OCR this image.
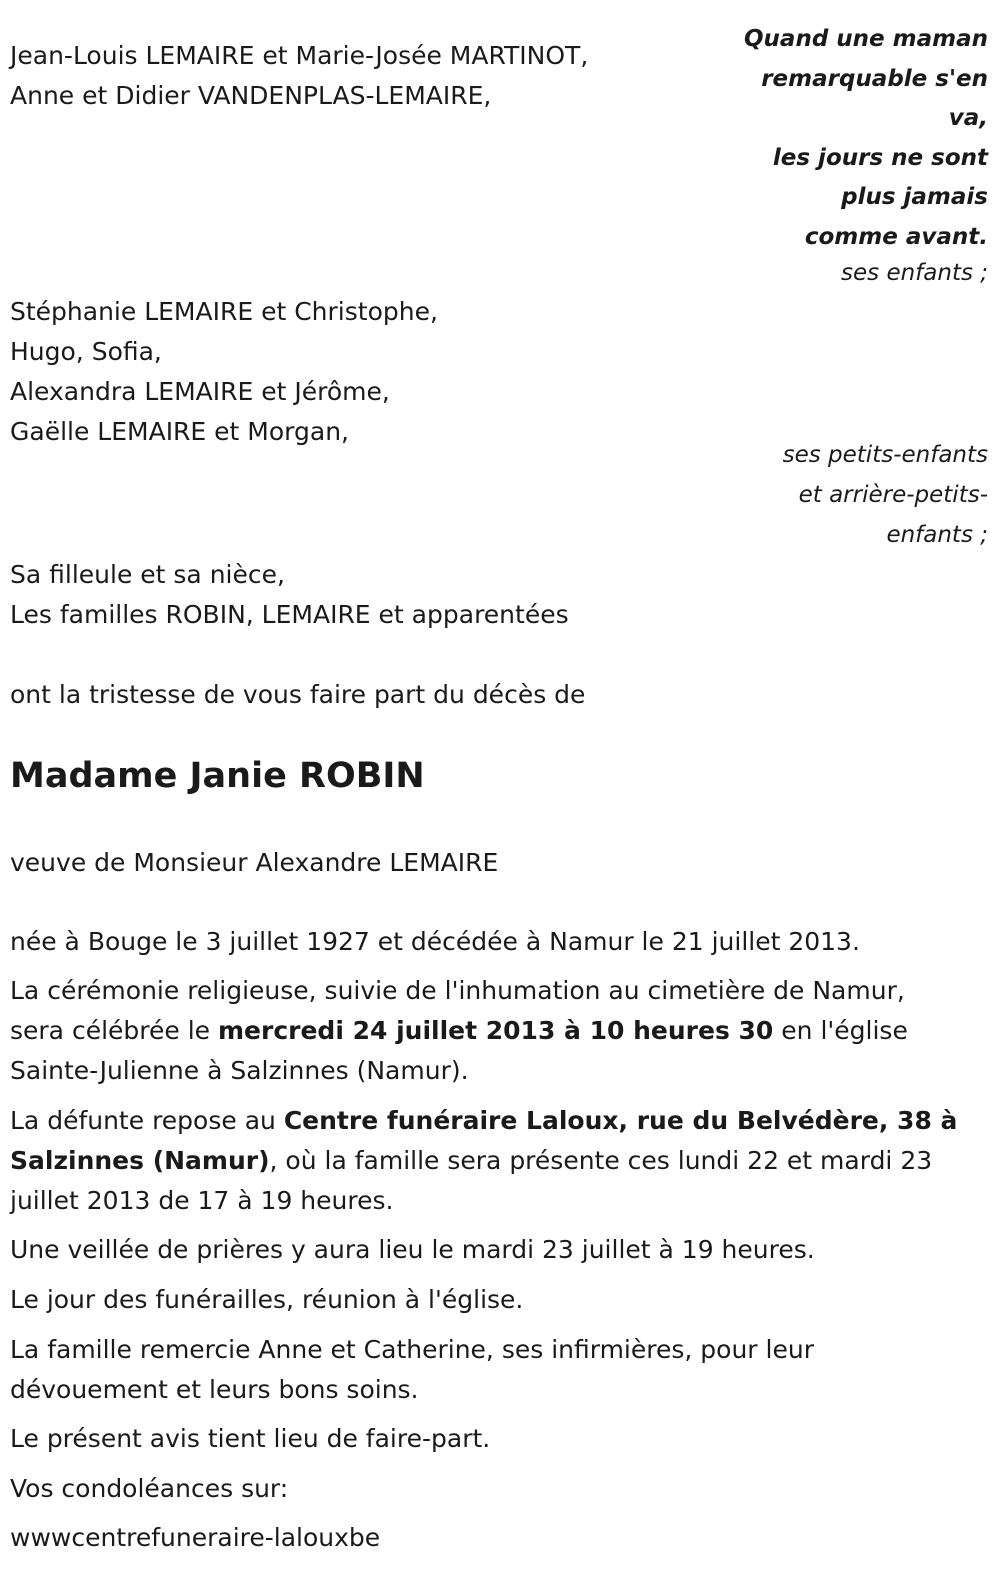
Jean-Louis LEMAIRE et Marie-Josée MARTINOT,
Anne et Didier VANDENPLAS-LEMAIRE,
Quand une maman
remarquable s'en
va,
les jours ne sont
plus jamais
comme avant.
ses enfants ;
Stéphanie LEMAIRE et Christophe,
Hugo, Sofia,
Alexandra LEMAIRE et Jérôme,
Gaëlle LEMAIRE et Morgan,
ses petits-enfants
et arrière-petits-
enfants ;
Sa filleule et sa nièce,
Les familles ROBIN, LEMAIRE et apparentées
ont la tristesse de vous faire part du décès de
Madame Janie ROBIN
veuve de Monsieur Alexandre LEMAIRE
née à Bouge le 3 juillet 1927 et décédée à Namur le 21 juillet 2013.
La cérémonie religieuse, suivie de l'inhumation au cimetière de Namur,
sera célébrée le mercredi 24 juillet 2013 à 10 heures 30 en l'église
Sainte-Julienne à Salzinnes (Namur).
La défunte repose au Centre funéraire Laloux, rue du Belvédère, 38 à
Salzinnes (Namur), où la famille sera présente ces lundi 22 et mardi 23
juillet 2013 de 17 à 19 heures.
Une veillée de prières y aura lieu le mardi 23 juillet à 19 heures.
Le jour des funérailles, réunion à l'église.
La famille remercie Anne et Catherine, ses infirmières, pour leur
dévouement et leurs bons soins.
Le présent avis tient lieu de faire-part.
Vos condoléances sur:
wwwcentrefuneraire-lalouxbe
